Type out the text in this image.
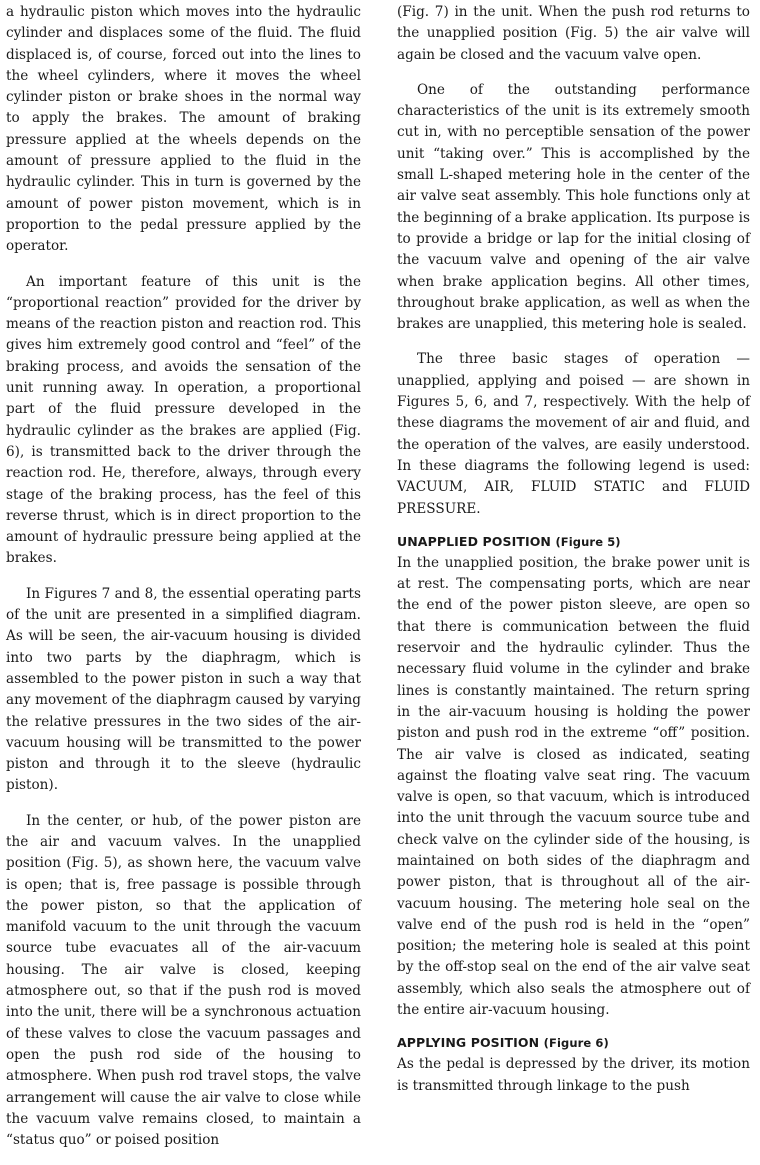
a hydraulic piston which moves into the hydraulic cylinder and displaces some of the fluid. The fluid displaced is, of course, forced out into the lines to the wheel cylinders, where it moves the wheel cylinder piston or brake shoes in the normal way to apply the brakes. The amount of braking pressure applied at the wheels depends on the amount of pressure applied to the fluid in the hydraulic cylinder. This in turn is governed by the amount of power piston movement, which is in proportion to the pedal pressure applied by the operator.

An important feature of this unit is the “proportional reaction” provided for the driver by means of the reaction piston and reaction rod. This gives him extremely good control and “feel” of the braking process, and avoids the sensation of the unit running away. In operation, a proportional part of the fluid pressure developed in the hydraulic cylinder as the brakes are applied (Fig. 6), is transmitted back to the driver through the reaction rod. He, therefore, always, through every stage of the braking process, has the feel of this reverse thrust, which is in direct proportion to the amount of hydraulic pressure being applied at the brakes.

In Figures 7 and 8, the essential operating parts of the unit are presented in a simplified diagram. As will be seen, the air-vacuum housing is divided into two parts by the diaphragm, which is assembled to the power piston in such a way that any movement of the diaphragm caused by varying the relative pressures in the two sides of the air-vacuum housing will be transmitted to the power piston and through it to the sleeve (hydraulic piston).

In the center, or hub, of the power piston are the air and vacuum valves. In the unapplied position (Fig. 5), as shown here, the vacuum valve is open; that is, free passage is possible through the power piston, so that the application of manifold vacuum to the unit through the vacuum source tube evacuates all of the air-vacuum housing. The air valve is closed, keeping atmosphere out, so that if the push rod is moved into the unit, there will be a synchronous actuation of these valves to close the vacuum passages and open the push rod side of the housing to atmosphere. When push rod travel stops, the valve arrangement will cause the air valve to close while the vacuum valve remains closed, to maintain a “status quo” or poised position

(Fig. 7) in the unit. When the push rod returns to the unapplied position (Fig. 5) the air valve will again be closed and the vacuum valve open.

One of the outstanding performance characteristics of the unit is its extremely smooth cut in, with no perceptible sensation of the power unit “taking over.” This is accomplished by the small L-shaped metering hole in the center of the air valve seat assembly. This hole functions only at the beginning of a brake application. Its purpose is to provide a bridge or lap for the initial closing of the vacuum valve and opening of the air valve when brake application begins. All other times, throughout brake application, as well as when the brakes are unapplied, this metering hole is sealed.

The three basic stages of operation — unapplied, applying and poised — are shown in Figures 5, 6, and 7, respectively. With the help of these diagrams the movement of air and fluid, and the operation of the valves, are easily understood. In these diagrams the following legend is used: VACUUM, AIR, FLUID STATIC and FLUID PRESSURE.

UNAPPLIED POSITION (Figure 5)

In the unapplied position, the brake power unit is at rest. The compensating ports, which are near the end of the power piston sleeve, are open so that there is communication between the fluid reservoir and the hydraulic cylinder. Thus the necessary fluid volume in the cylinder and brake lines is constantly maintained. The return spring in the air-vacuum housing is holding the power piston and push rod in the extreme “off” position. The air valve is closed as indicated, seating against the floating valve seat ring. The vacuum valve is open, so that vacuum, which is introduced into the unit through the vacuum source tube and check valve on the cylinder side of the housing, is maintained on both sides of the diaphragm and power piston, that is throughout all of the air-vacuum housing. The metering hole seal on the valve end of the push rod is held in the “open” position; the metering hole is sealed at this point by the off-stop seal on the end of the air valve seat assembly, which also seals the atmosphere out of the entire air-vacuum housing.

APPLYING POSITION (Figure 6)

As the pedal is depressed by the driver, its motion is transmitted through linkage to the push
